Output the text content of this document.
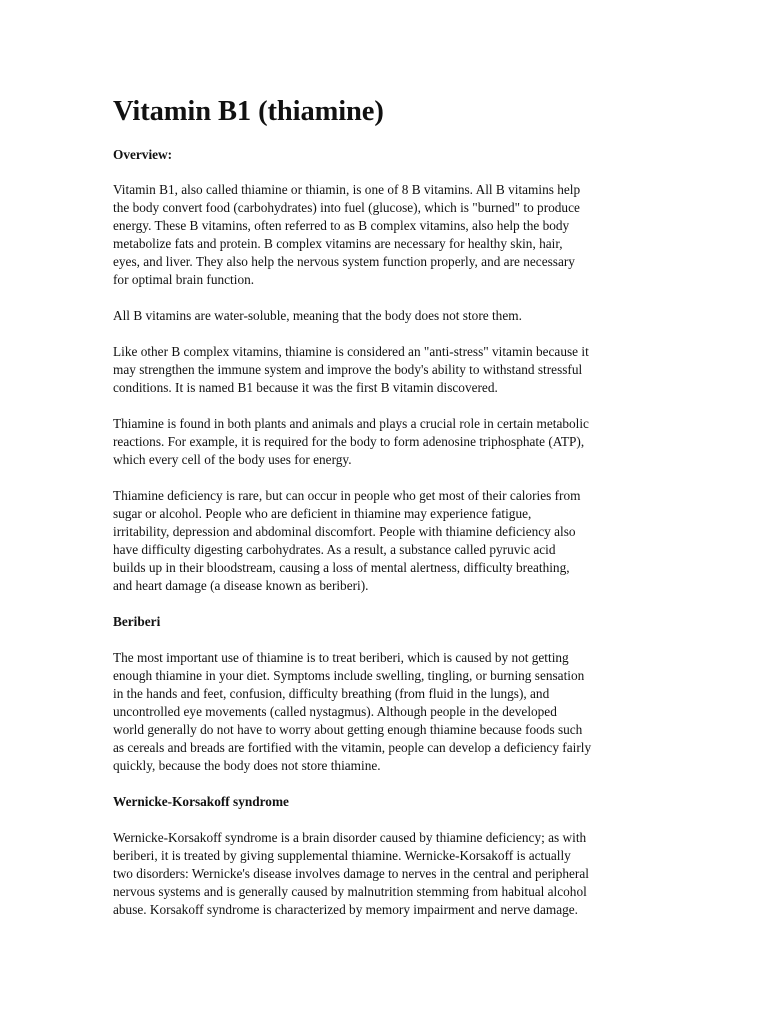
Vitamin B1 (thiamine)
Overview:

Vitamin B1, also called thiamine or thiamin, is one of 8 B vitamins. All B vitamins help
the body convert food (carbohydrates) into fuel (glucose), which is "burned" to produce
energy. These B vitamins, often referred to as B complex vitamins, also help the body
metabolize fats and protein. B complex vitamins are necessary for healthy skin, hair,
eyes, and liver. They also help the nervous system function properly, and are necessary
for optimal brain function.

All B vitamins are water-soluble, meaning that the body does not store them.

Like other B complex vitamins, thiamine is considered an "anti-stress" vitamin because it
may strengthen the immune system and improve the body's ability to withstand stressful
conditions. It is named B1 because it was the first B vitamin discovered.

Thiamine is found in both plants and animals and plays a crucial role in certain metabolic
reactions. For example, it is required for the body to form adenosine triphosphate (ATP),
which every cell of the body uses for energy.

Thiamine deficiency is rare, but can occur in people who get most of their calories from
sugar or alcohol. People who are deficient in thiamine may experience fatigue,
irritability, depression and abdominal discomfort. People with thiamine deficiency also
have difficulty digesting carbohydrates. As a result, a substance called pyruvic acid
builds up in their bloodstream, causing a loss of mental alertness, difficulty breathing,
and heart damage (a disease known as beriberi).

Beriberi

The most important use of thiamine is to treat beriberi, which is caused by not getting
enough thiamine in your diet. Symptoms include swelling, tingling, or burning sensation
in the hands and feet, confusion, difficulty breathing (from fluid in the lungs), and
uncontrolled eye movements (called nystagmus). Although people in the developed
world generally do not have to worry about getting enough thiamine because foods such
as cereals and breads are fortified with the vitamin, people can develop a deficiency fairly
quickly, because the body does not store thiamine.

Wernicke-Korsakoff syndrome

Wernicke-Korsakoff syndrome is a brain disorder caused by thiamine deficiency; as with
beriberi, it is treated by giving supplemental thiamine. Wernicke-Korsakoff is actually
two disorders: Wernicke's disease involves damage to nerves in the central and peripheral
nervous systems and is generally caused by malnutrition stemming from habitual alcohol
abuse. Korsakoff syndrome is characterized by memory impairment and nerve damage.
